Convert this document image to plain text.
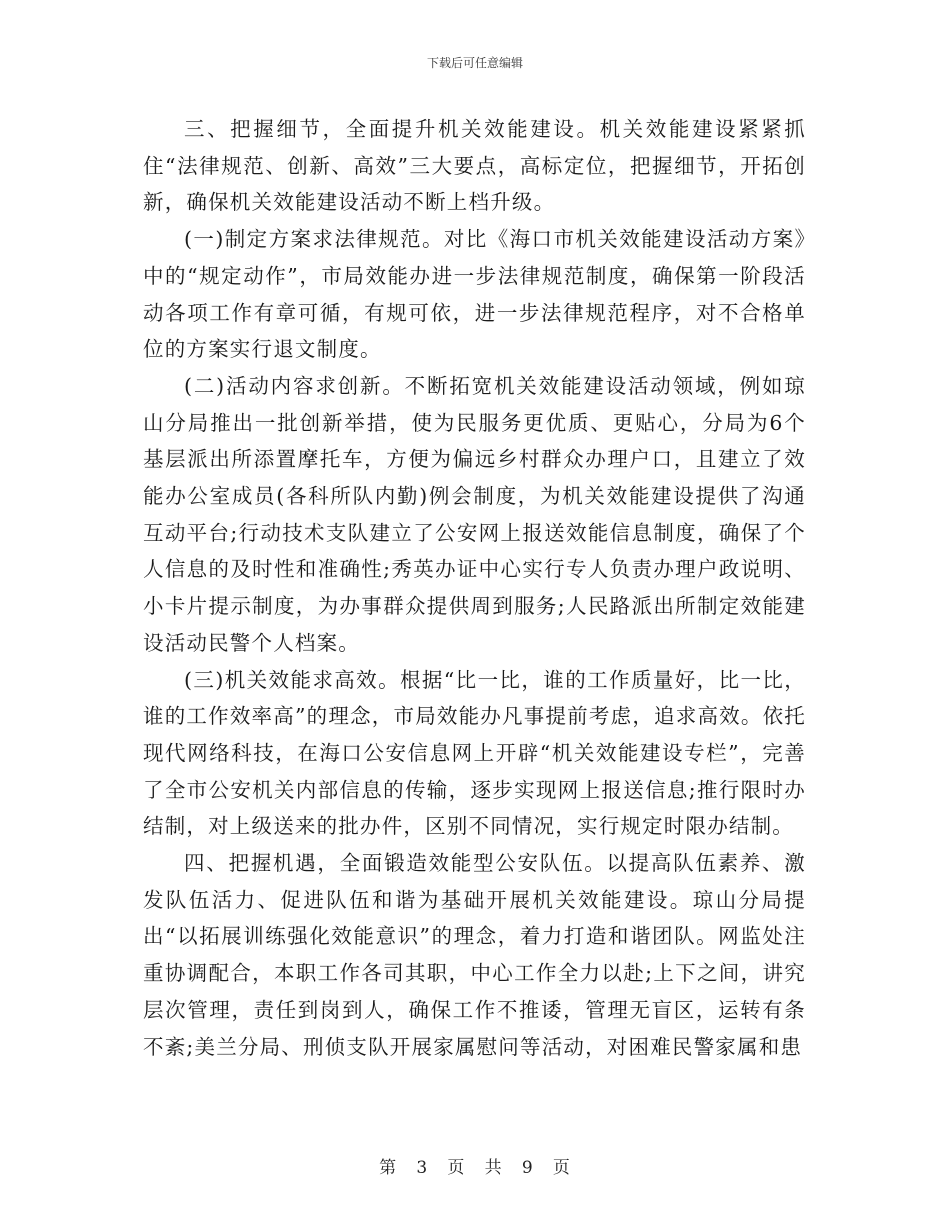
下载后可任意编辑

三、把握细节，全面提升机关效能建设。机关效能建设紧紧抓住“法律规范、创新、高效”三大要点，高标定位，把握细节，开拓创新，确保机关效能建设活动不断上档升级。

(一)制定方案求法律规范。对比《海口市机关效能建设活动方案》中的“规定动作”，市局效能办进一步法律规范制度，确保第一阶段活动各项工作有章可循，有规可依，进一步法律规范程序，对不合格单位的方案实行退文制度。

(二)活动内容求创新。不断拓宽机关效能建设活动领域，例如琼山分局推出一批创新举措，使为民服务更优质、更贴心，分局为6个基层派出所添置摩托车，方便为偏远乡村群众办理户口，且建立了效能办公室成员(各科所队内勤)例会制度，为机关效能建设提供了沟通互动平台;行动技术支队建立了公安网上报送效能信息制度，确保了个人信息的及时性和准确性;秀英办证中心实行专人负责办理户政说明、小卡片提示制度，为办事群众提供周到服务;人民路派出所制定效能建设活动民警个人档案。

(三)机关效能求高效。根据“比一比，谁的工作质量好，比一比，谁的工作效率高”的理念，市局效能办凡事提前考虑，追求高效。依托现代网络科技，在海口公安信息网上开辟“机关效能建设专栏”，完善了全市公安机关内部信息的传输，逐步实现网上报送信息;推行限时办结制，对上级送来的批办件，区别不同情况，实行规定时限办结制。

四、把握机遇，全面锻造效能型公安队伍。以提高队伍素养、激发队伍活力、促进队伍和谐为基础开展机关效能建设。琼山分局提出“以拓展训练强化效能意识”的理念，着力打造和谐团队。网监处注重协调配合，本职工作各司其职，中心工作全力以赴;上下之间，讲究层次管理，责任到岗到人，确保工作不推诿，管理无盲区，运转有条不紊;美兰分局、刑侦支队开展家属慰问等活动，对困难民警家属和患

第 3 页 共 9 页
